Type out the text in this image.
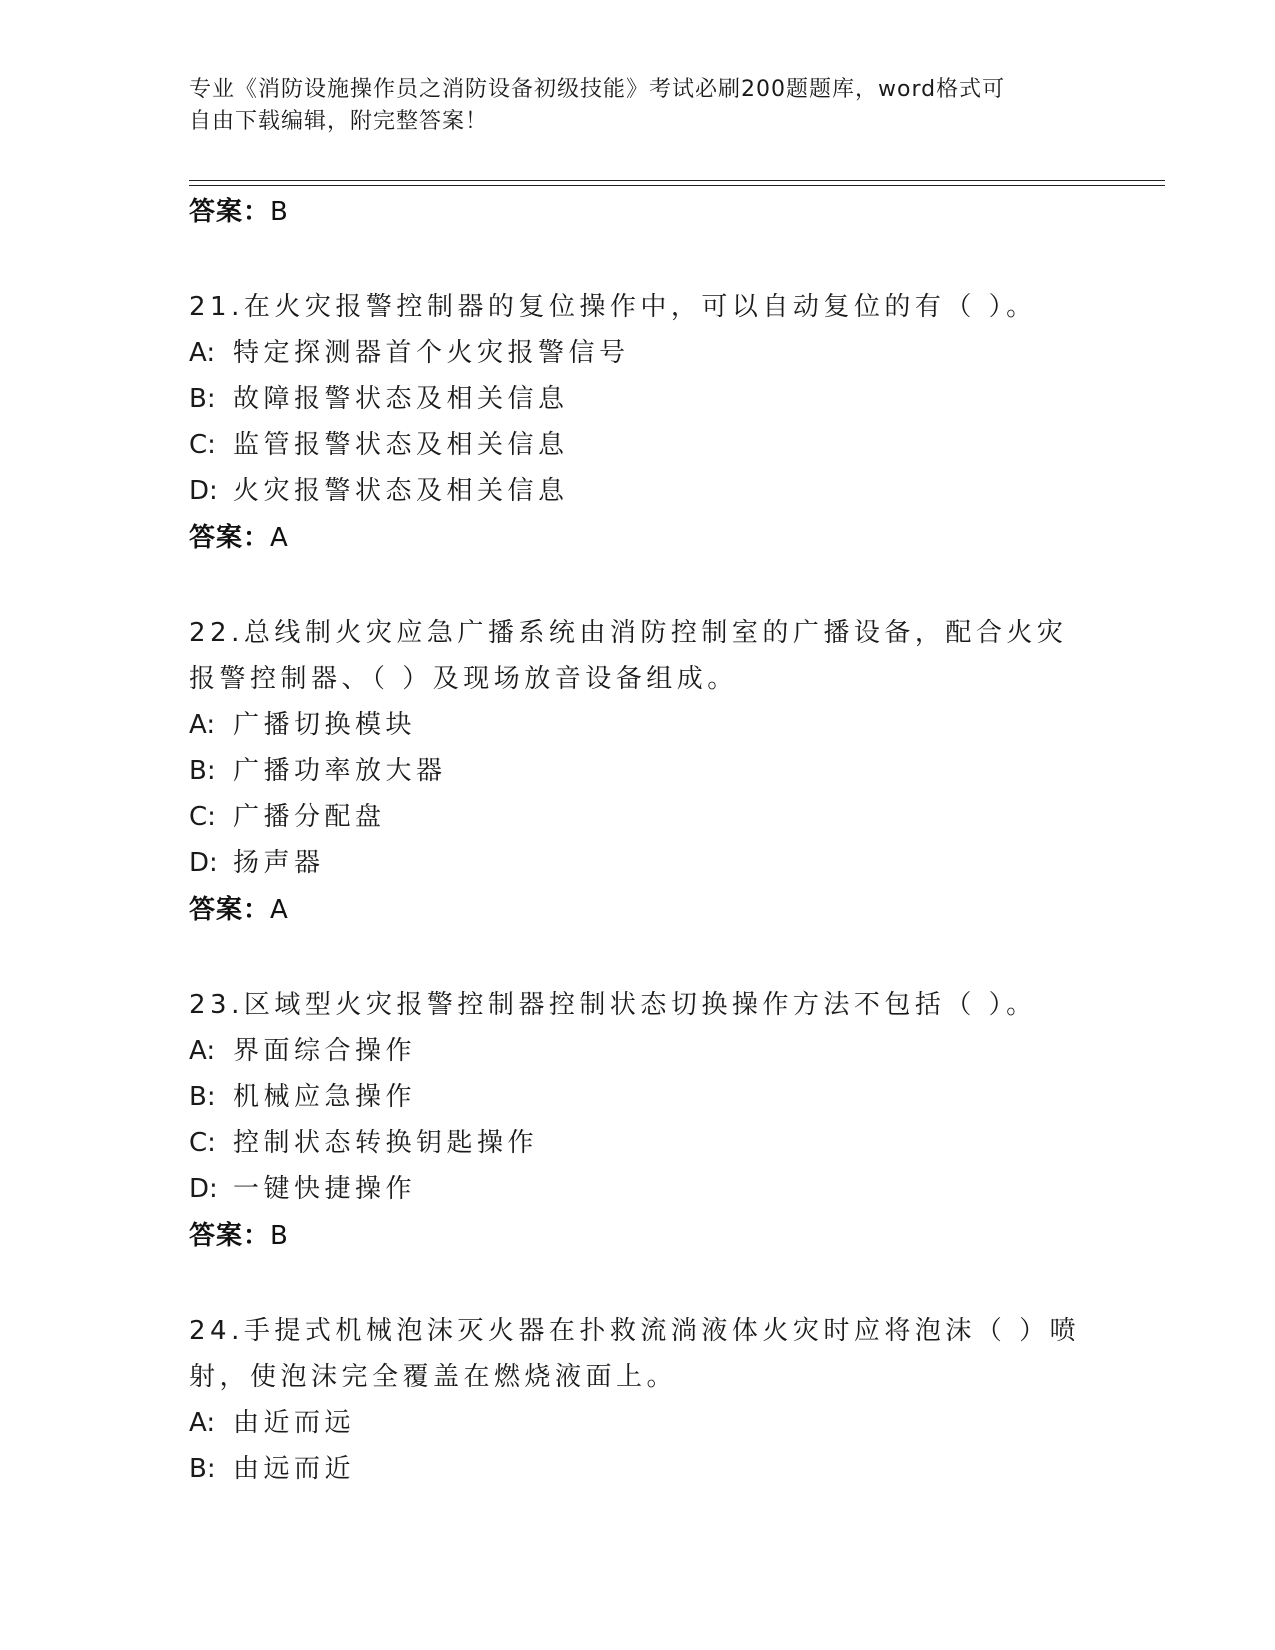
专业《消防设施操作员之消防设备初级技能》考试必刷200题题库，word格式可
自由下载编辑，附完整答案！
答案：B

21.在火灾报警控制器的复位操作中，可以自动复位的有（ ）。

A: 特定探测器首个火灾报警信号
B: 故障报警状态及相关信息
C: 监管报警状态及相关信息
D: 火灾报警状态及相关信息
答案：A

22.总线制火灾应急广播系统由消防控制室的广播设备，配合火灾报警控制器、（ ）及现场放音设备组成。

A: 广播切换模块
B: 广播功率放大器
C: 广播分配盘
D: 扬声器
答案：A

23.区域型火灾报警控制器控制状态切换操作方法不包括（ ）。

A: 界面综合操作
B: 机械应急操作
C: 控制状态转换钥匙操作
D: 一键快捷操作
答案：B

24.手提式机械泡沫灭火器在扑救流淌液体火灾时应将泡沫（ ）喷射，使泡沫完全覆盖在燃烧液面上。

A: 由近而远
B: 由远而近
